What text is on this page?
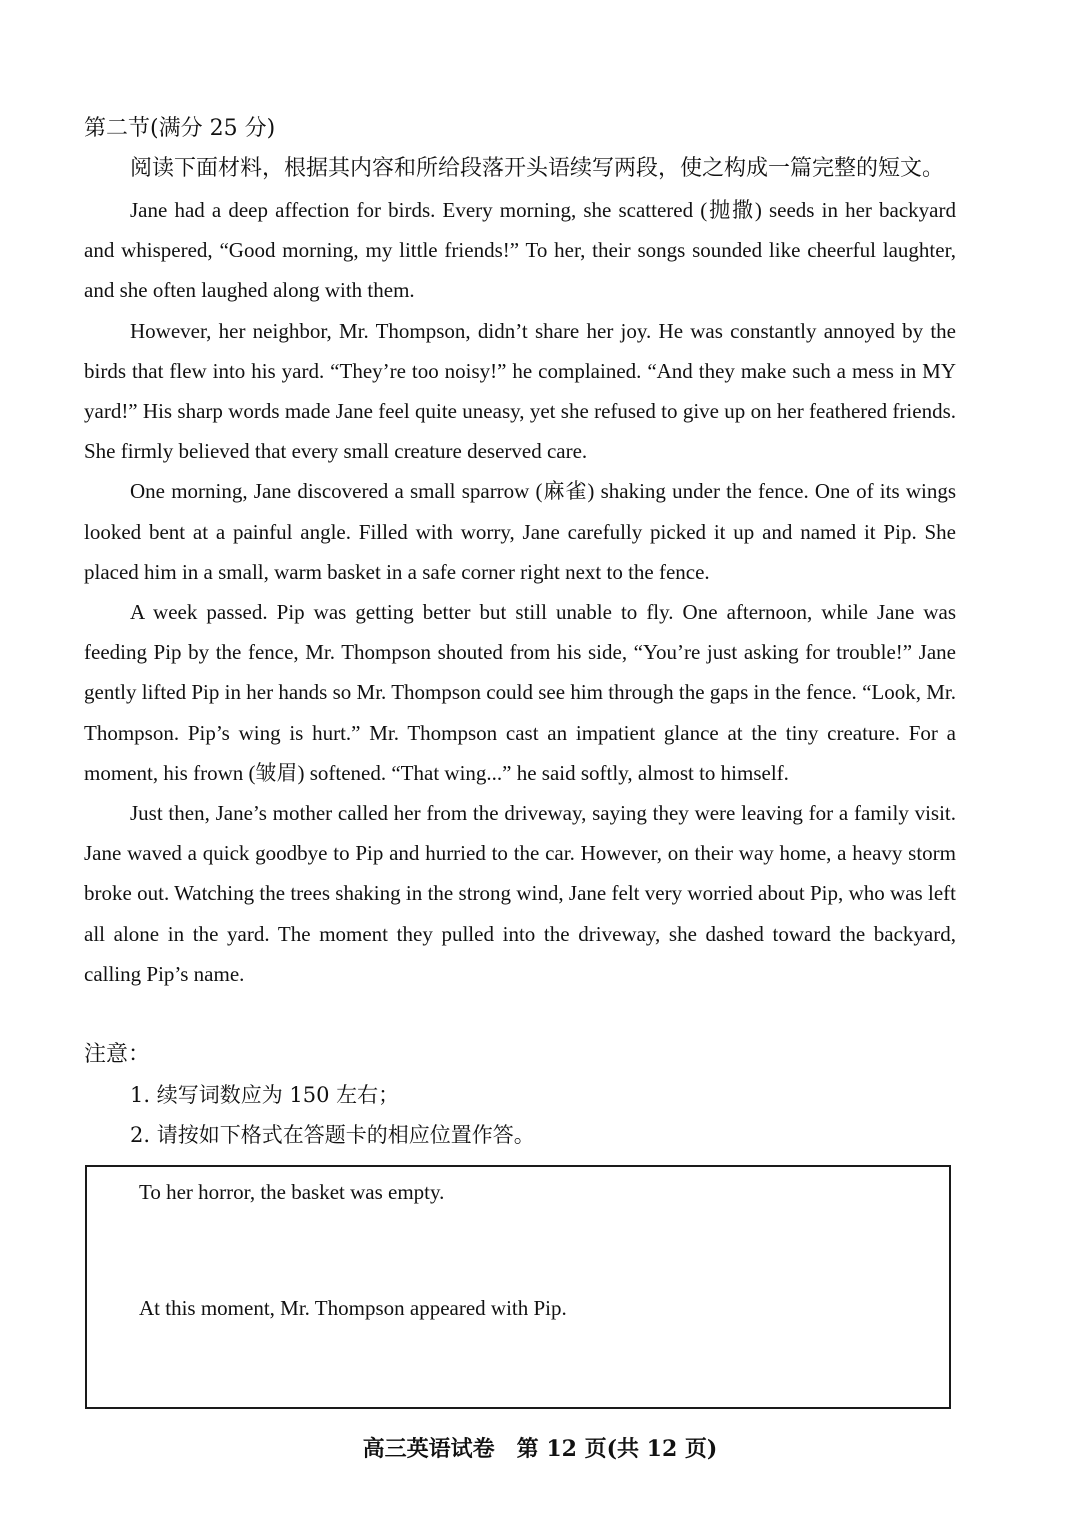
第二节(满分 25 分)
阅读下面材料，根据其内容和所给段落开头语续写两段，使之构成一篇完整的短文。

Jane had a deep affection for birds. Every morning, she scattered (抛撒) seeds in her backyard and whispered, “Good morning, my little friends!” To her, their songs sounded like cheerful laughter, and she often laughed along with them.

However, her neighbor, Mr. Thompson, didn’t share her joy. He was constantly annoyed by the birds that flew into his yard. “They’re too noisy!” he complained. “And they make such a mess in MY yard!” His sharp words made Jane feel quite uneasy, yet she refused to give up on her feathered friends. She firmly believed that every small creature deserved care.

One morning, Jane discovered a small sparrow (麻雀) shaking under the fence. One of its wings looked bent at a painful angle. Filled with worry, Jane carefully picked it up and named it Pip. She placed him in a small, warm basket in a safe corner right next to the fence.

A week passed. Pip was getting better but still unable to fly. One afternoon, while Jane was feeding Pip by the fence, Mr. Thompson shouted from his side, “You’re just asking for trouble!” Jane gently lifted Pip in her hands so Mr. Thompson could see him through the gaps in the fence. “Look, Mr. Thompson. Pip’s wing is hurt.” Mr. Thompson cast an impatient glance at the tiny creature. For a moment, his frown (皱眉) softened. “That wing...” he said softly, almost to himself.

Just then, Jane’s mother called her from the driveway, saying they were leaving for a family visit. Jane waved a quick goodbye to Pip and hurried to the car. However, on their way home, a heavy storm broke out. Watching the trees shaking in the strong wind, Jane felt very worried about Pip, who was left all alone in the yard. The moment they pulled into the driveway, she dashed toward the backyard, calling Pip’s name.

注意：
1. 续写词数应为 150 左右；
2. 请按如下格式在答题卡的相应位置作答。
To her horror, the basket was empty.
At this moment, Mr. Thompson appeared with Pip.
高三英语试卷　第 12 页(共 12 页)
